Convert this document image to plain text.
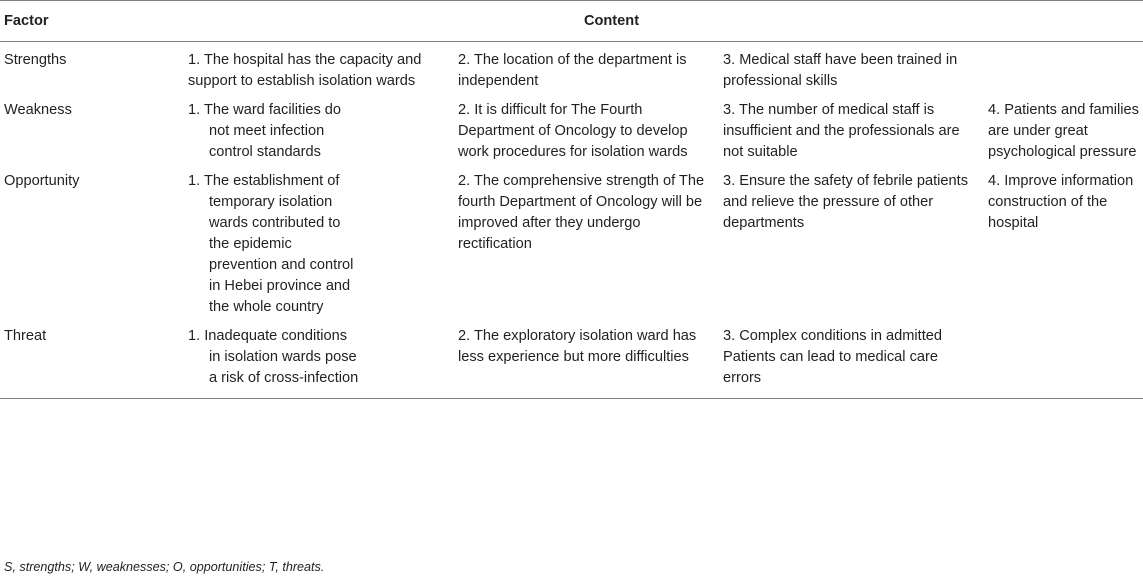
Factor	Content			
Strengths	1. The hospital has the capacity and support to establish isolation wards	2. The location of the department is independent	3. Medical staff have been trained in professional skills	
Weakness	1. The ward facilities do not meet infection control standards	2. It is difficult for The Fourth Department of Oncology to develop work procedures for isolation wards	3. The number of medical staff is insufficient and the professionals are not suitable	4. Patients and families are under great psychological pressure
Opportunity	1. The establishment of temporary isolation wards contributed to the epidemic prevention and control in Hebei province and the whole country	2. The comprehensive strength of The fourth Department of Oncology will be improved after they undergo rectification	3. Ensure the safety of febrile patients and relieve the pressure of other departments	4. Improve information construction of the hospital
Threat	1. Inadequate conditions in isolation wards pose a risk of cross-infection	2. The exploratory isolation ward has less experience but more difficulties	3. Complex conditions in admitted Patients can lead to medical care errors	
S, strengths; W, weaknesses; O, opportunities; T, threats.
